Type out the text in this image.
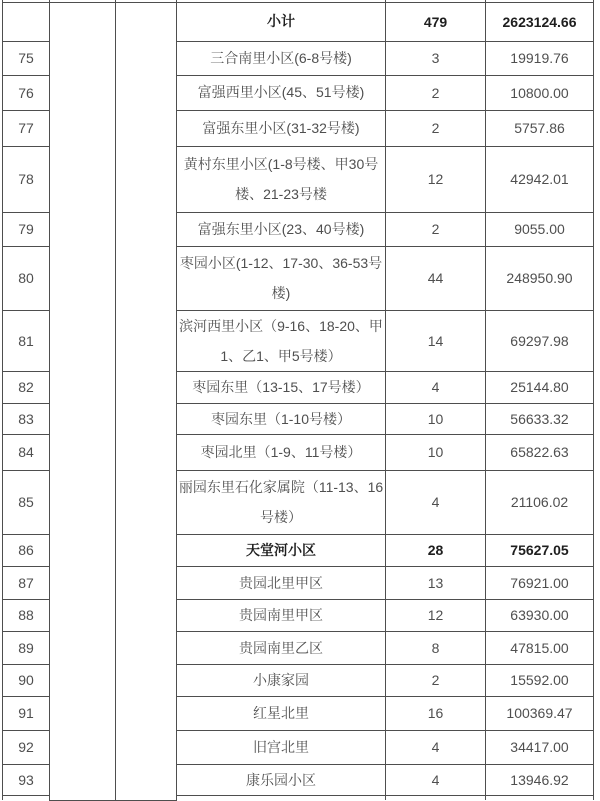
			小计	479	2623124.66
75			三合南里小区(6-8号楼)	3	19919.76
76			富强西里小区(45、51号楼)	2	10800.00
77			富强东里小区(31-32号楼)	2	5757.86
78			黄村东里小区(1-8号楼、甲30号楼、21-23号楼	12	42942.01
79			富强东里小区(23、40号楼)	2	9055.00
80			枣园小区(1-12、17-30、36-53号楼)	44	248950.90
81			滨河西里小区（9-16、18-20、甲1、乙1、甲5号楼）	14	69297.98
82			枣园东里（13-15、17号楼）	4	25144.80
83			枣园东里（1-10号楼）	10	56633.32
84			枣园北里（1-9、11号楼）	10	65822.63
85			丽园东里石化家属院（11-13、16号楼）	4	21106.02
86			天堂河小区	28	75627.05
87			贵园北里甲区	13	76921.00
88			贵园南里甲区	12	63930.00
89			贵园南里乙区	8	47815.00
90			小康家园	2	15592.00
91			红星北里	16	100369.47
92			旧宫北里	4	34417.00
93			康乐园小区	4	13946.92
